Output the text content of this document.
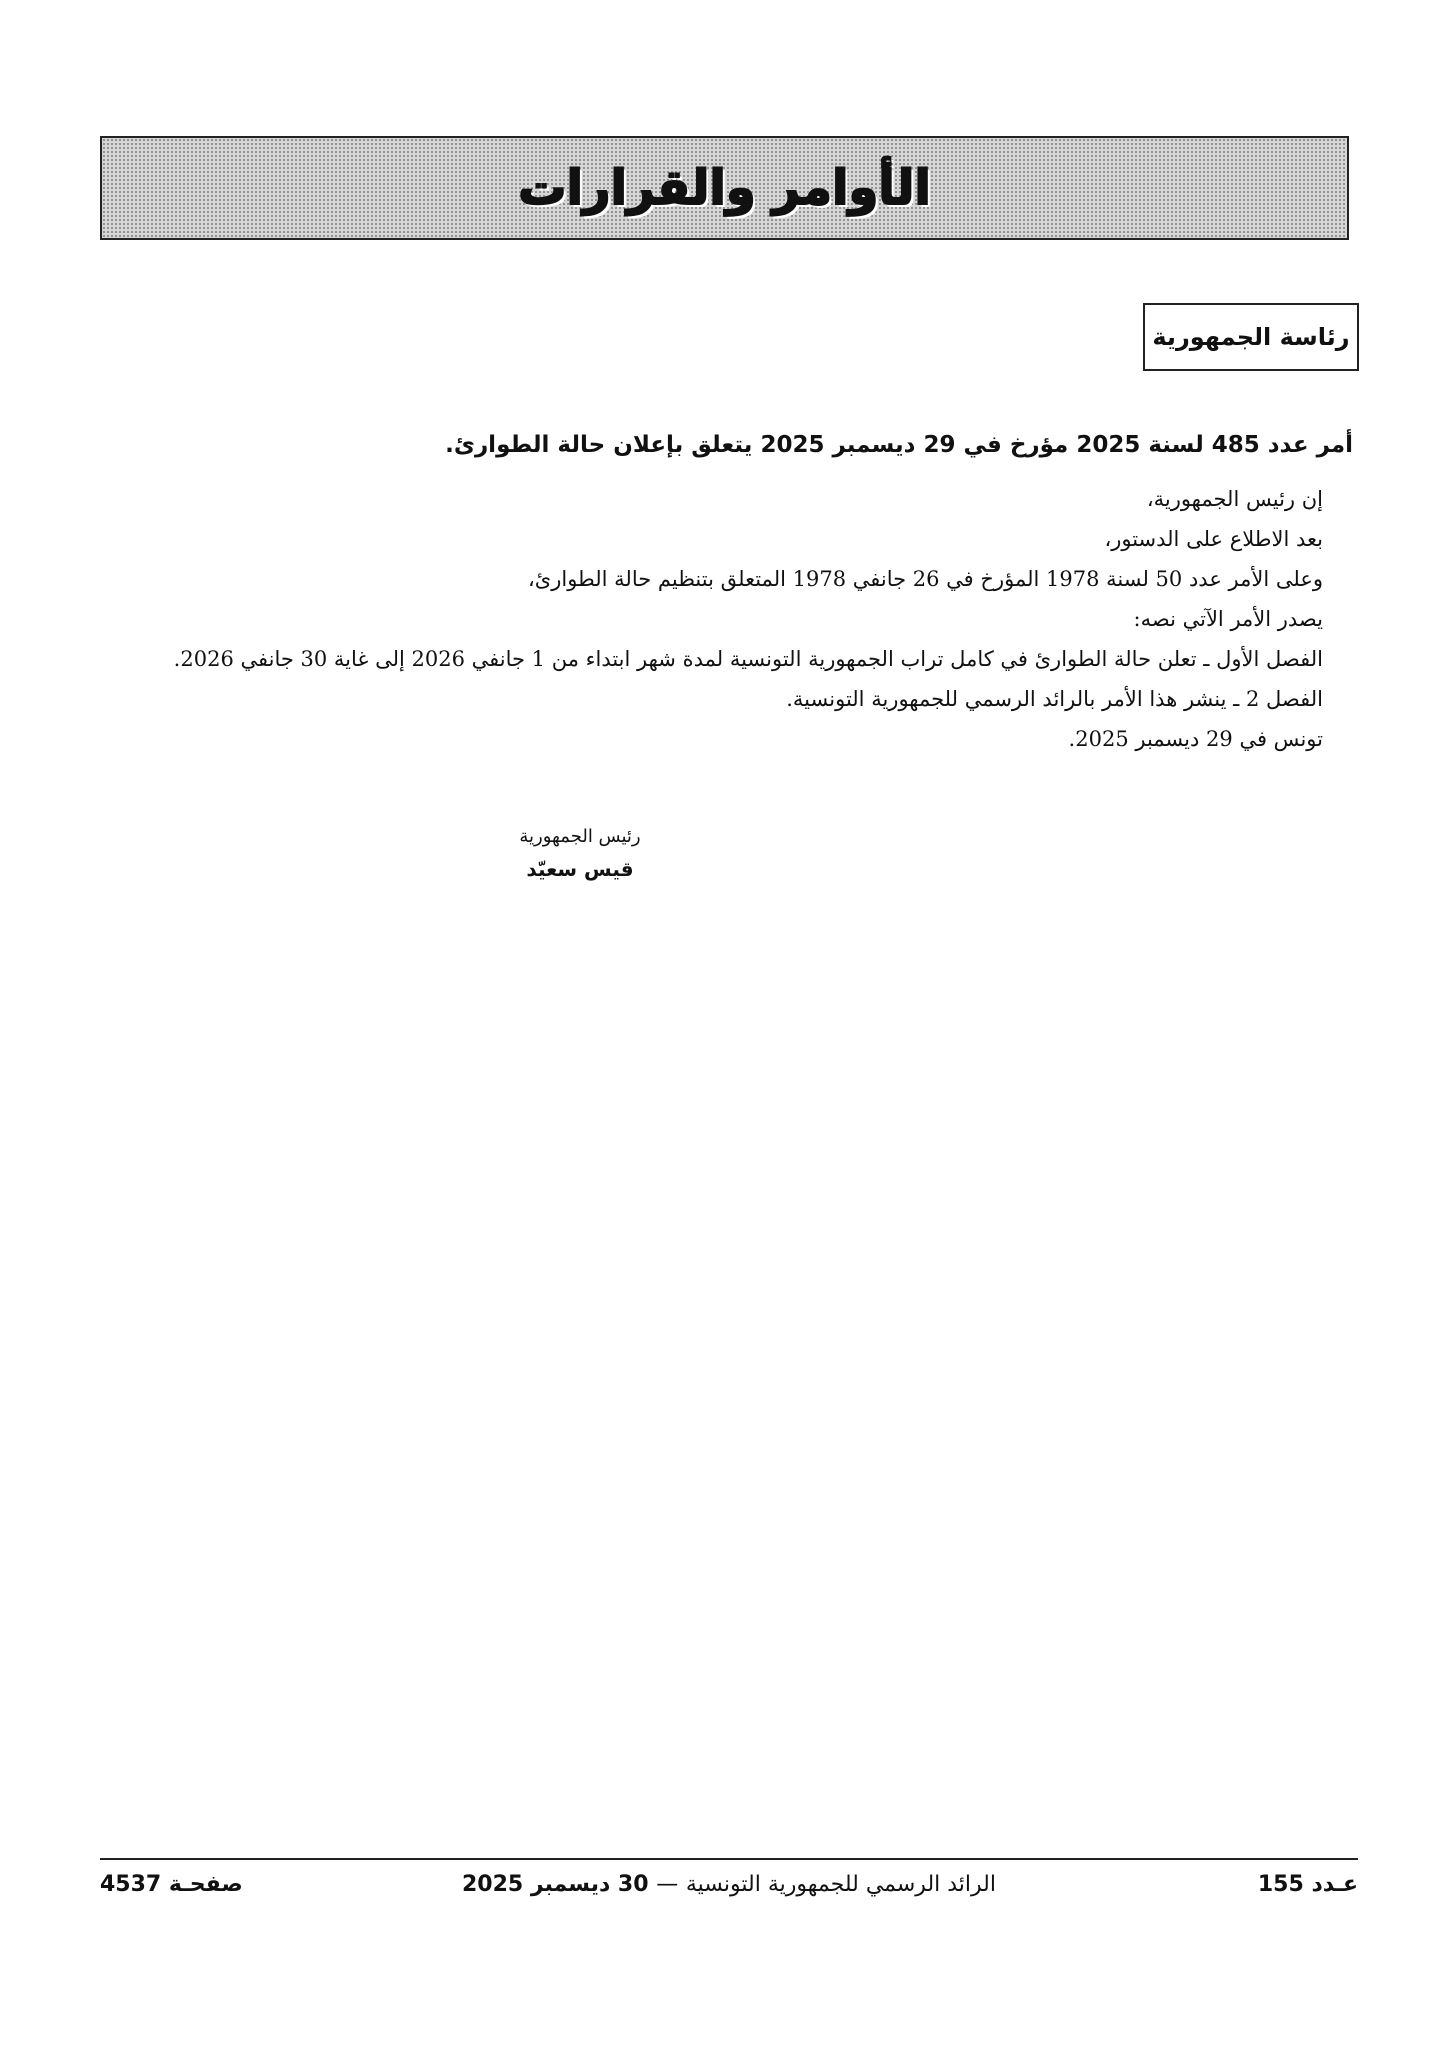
الأوامر والقرارات
رئاسة الجمهورية

أمر عدد 485 لسنة 2025 مؤرخ في 29 ديسمبر 2025 يتعلق بإعلان حالة الطوارئ.

إن رئيس الجمهورية،

بعد الاطلاع على الدستور،

وعلى الأمر عدد 50 لسنة 1978 المؤرخ في 26 جانفي 1978 المتعلق بتنظيم حالة الطوارئ،

يصدر الأمر الآتي نصه:

الفصل الأول ـ تعلن حالة الطوارئ في كامل تراب الجمهورية التونسية لمدة شهر ابتداء من 1 جانفي 2026 إلى غاية 30 جانفي 2026.

الفصل 2 ـ ينشر هذا الأمر بالرائد الرسمي للجمهورية التونسية.

تونس في 29 ديسمبر 2025.

رئيس الجمهورية
قيس سعيّد
عـدد 155
الرائد الرسمي للجمهورية التونسية — 30 ديسمبر 2025
صفحـة 4537
